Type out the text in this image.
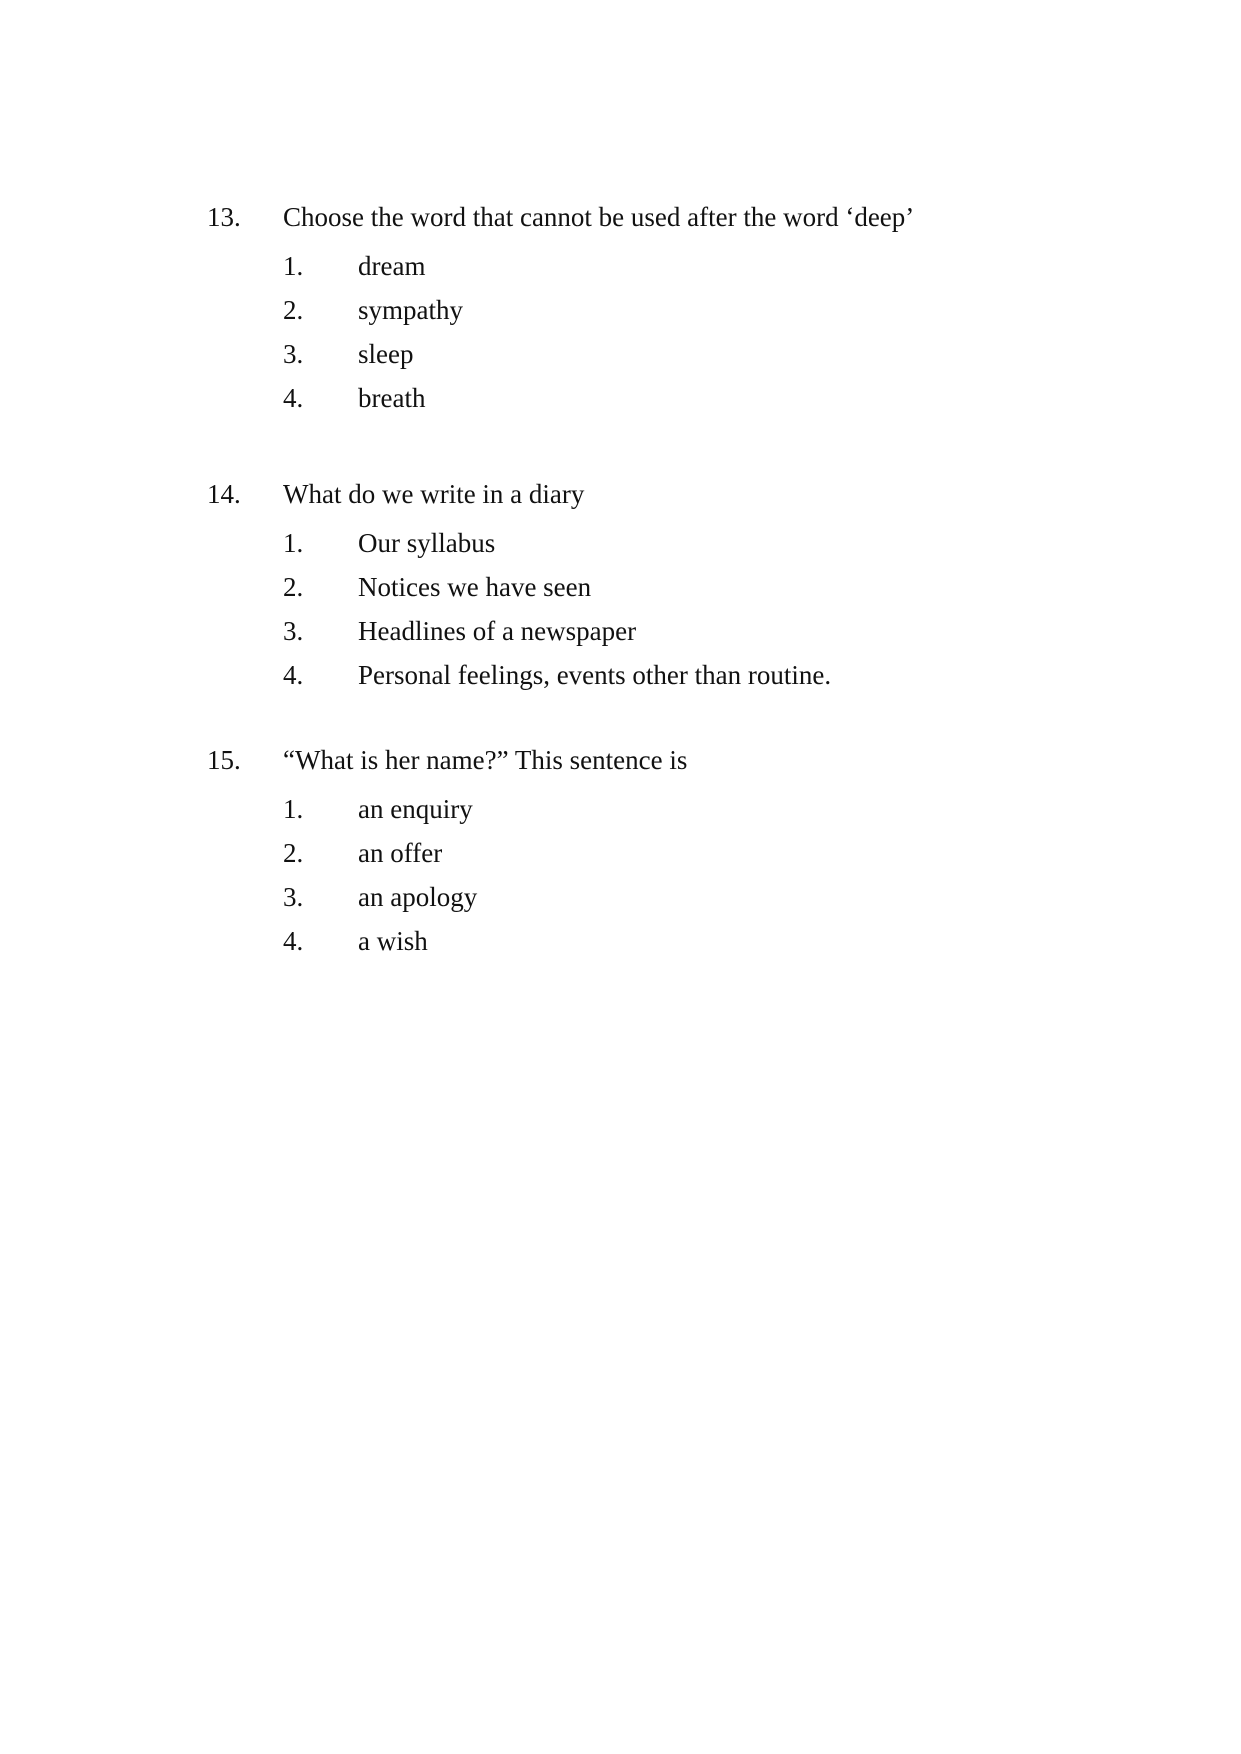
13.	Choose the word that cannot be used after the word ‘deep’
1.	dream
2.	sympathy
3.	sleep
4.	breath
14.	What do we write in a diary
1.	Our syllabus
2.	Notices we have seen
3.	Headlines of a newspaper
4.	Personal feelings, events other than routine.
15.	“What is her name?” This sentence is
1.	an enquiry
2.	an offer
3.	an apology
4.	a wish
